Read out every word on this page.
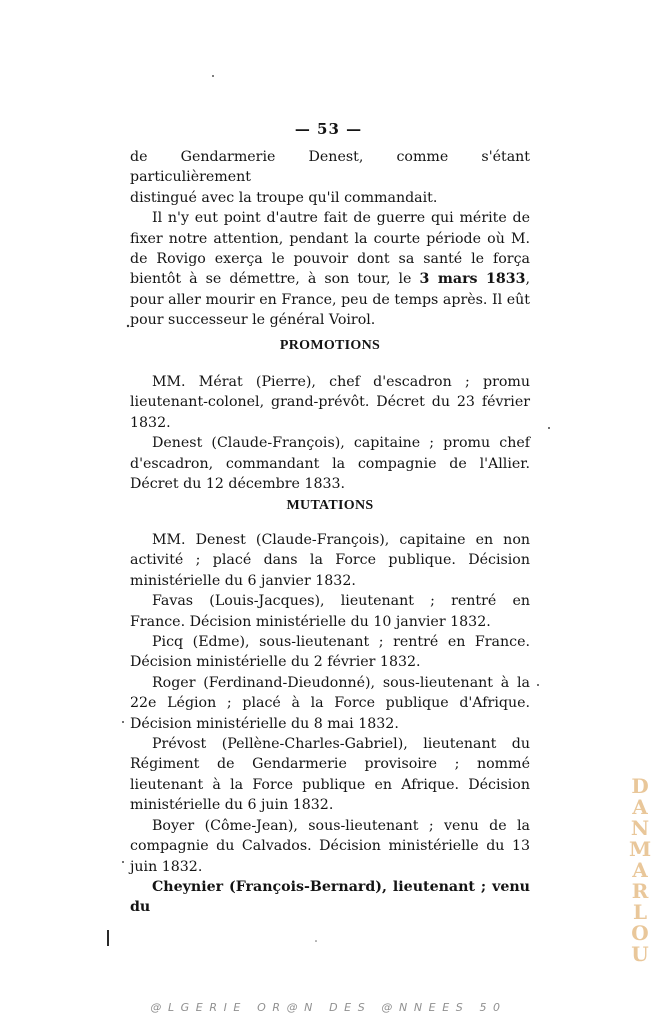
— 53 —

de Gendarmerie Denest, comme s'étant particulièrement

distingué avec la troupe qu'il commandait.

Il n'y eut point d'autre fait de guerre qui mérite de fixer notre attention, pendant la courte période où M. de Rovigo exerça le pouvoir dont sa santé le força bientôt à se démettre, à son tour, le 3 mars 1833, pour aller mourir en France, peu de temps après. Il eût pour successeur le général Voirol.

PROMOTIONS

MM. Mérat (Pierre), chef d'escadron ; promu lieutenant-colonel, grand-prévôt. Décret du 23 février 1832.

Denest (Claude-François), capitaine ; promu chef d'escadron, commandant la compagnie de l'Allier. Décret du 12 décembre 1833.

MUTATIONS

MM. Denest (Claude-François), capitaine en non activité ; placé dans la Force publique. Décision ministérielle du 6 janvier 1832.

Favas (Louis-Jacques), lieutenant ; rentré en France. Décision ministérielle du 10 janvier 1832.

Picq (Edme), sous-lieutenant ; rentré en France. Décision ministérielle du 2 février 1832.

Roger (Ferdinand-Dieudonné), sous-lieutenant à la 22e Légion ; placé à la Force publique d'Afrique. Décision ministérielle du 8 mai 1832.

Prévost (Pellène-Charles-Gabriel), lieutenant du Régiment de Gendarmerie provisoire ; nommé lieutenant à la Force publique en Afrique. Décision ministérielle du 6 juin 1832.

Boyer (Côme-Jean), sous-lieutenant ; venu de la compagnie du Calvados. Décision ministérielle du 13 juin 1832.

Cheynier (François-Bernard), lieutenant ; venu du

D
A
N
M
A
R
L
O
U
@LGERIE OR@N DES @NNEES 50
